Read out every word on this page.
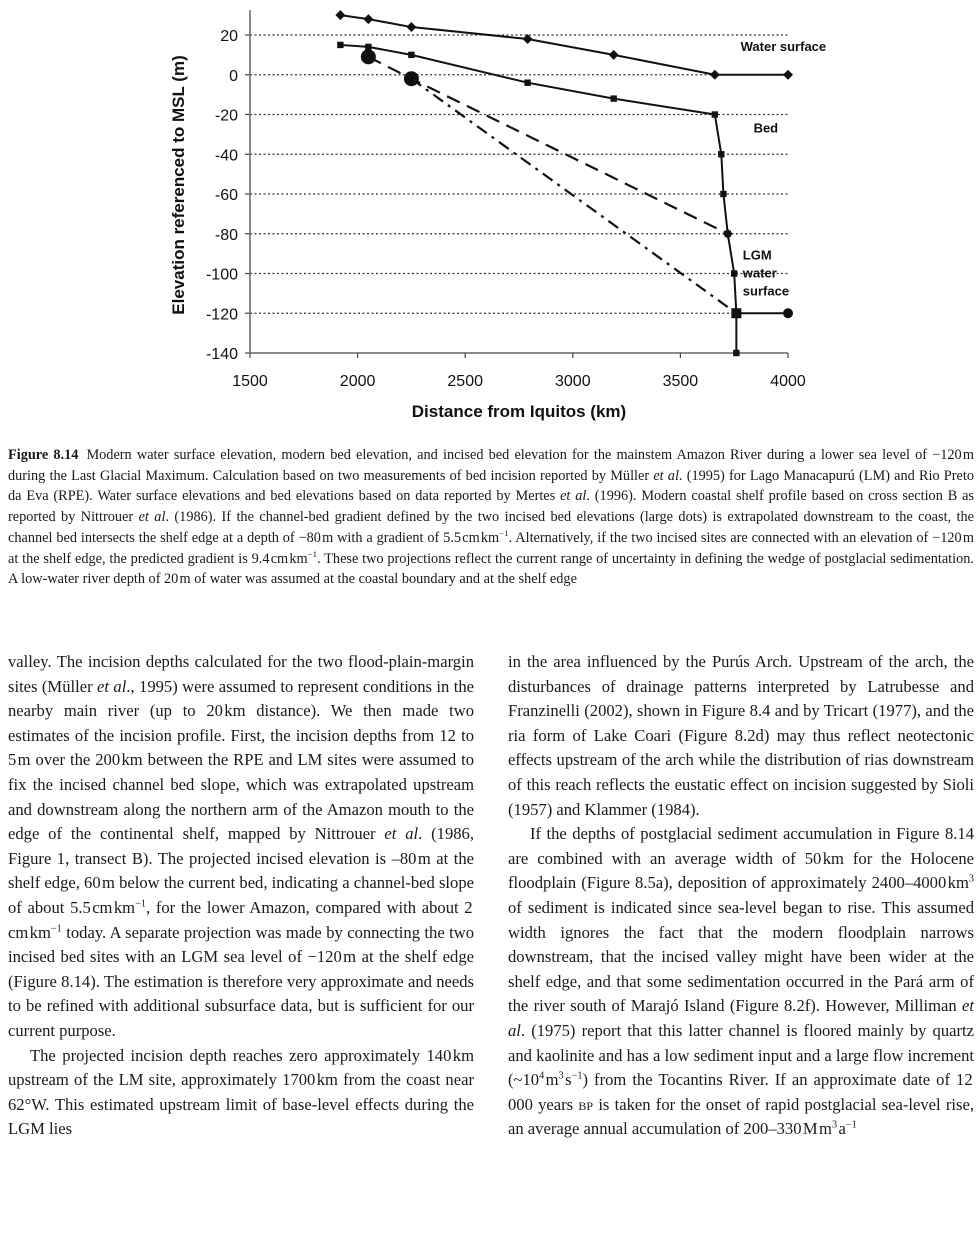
20
0
-20
-40
-60
-80
-100
-120
-140
1500	2000	2500	3000	3500	4000
Water surface
Bed
LGM
water
surface
Distance from Iquitos (km)
Elevation referenced to MSL (m)
Figure 8.14 Modern water surface elevation, modern bed elevation, and incised bed elevation for the mainstem Amazon River during a lower sea level of −120 m during the Last Glacial Maximum. Calculation based on two measurements of bed incision reported by Müller et al. (1995) for Lago Manacapurú (LM) and Rio Preto da Eva (RPE). Water surface elevations and bed elevations based on data reported by Mertes et al. (1996). Modern coastal shelf profile based on cross section B as reported by Nittrouer et al. (1986). If the channel-bed gradient defined by the two incised bed elevations (large dots) is extrapolated downstream to the coast, the channel bed intersects the shelf edge at a depth of −80 m with a gradient of 5.5 cm $km^{-1}$. Alternatively, if the two incised sites are connected with an elevation of −120 m at the shelf edge, the predicted gradient is 9.4 cm $km^{-1}$. These two projections reflect the current range of uncertainty in defining the wedge of postglacial sedimentation. A low-water river depth of 20 m of water was assumed at the coastal boundary and at the shelf edge

valley. The incision depths calculated for the two flood-plain-margin sites (Müller et al., 1995) were assumed to represent conditions in the nearby main river (up to 20 km distance). We then made two estimates of the incision profile. First, the incision depths from 12 to 5 m over the 200 km between the RPE and LM sites were assumed to fix the incised channel bed slope, which was extrapolated upstream and downstream along the northern arm of the Amazon mouth to the edge of the continental shelf, mapped by Nittrouer et al. (1986, Figure 1, transect B). The projected incised elevation is –80 m at the shelf edge, 60 m below the current bed, indicating a channel-bed slope of about 5.5 cm $km^{-1}$, for the lower Amazon, compared with about 2 cm $km^{-1}$ today. A separate projection was made by connecting the two incised bed sites with an LGM sea level of −120 m at the shelf edge (Figure 8.14). The estimation is therefore very approximate and needs to be refined with additional subsurface data, but is sufficient for our current purpose.

The projected incision depth reaches zero approximately 140 km upstream of the LM site, approximately 1700 km from the coast near 62°W. This estimated upstream limit of base-level effects during the LGM lies

in the area influenced by the Purús Arch. Upstream of the arch, the disturbances of drainage patterns interpreted by Latrubesse and Franzinelli (2002), shown in Figure 8.4 and by Tricart (1977), and the ria form of Lake Coari (Figure 8.2d) may thus reflect neotectonic effects upstream of the arch while the distribution of rias downstream of this reach reflects the eustatic effect on incision suggested by Sioli (1957) and Klammer (1984).

If the depths of postglacial sediment accumulation in Figure 8.14 are combined with an average width of 50 km for the Holocene floodplain (Figure 8.5a), deposition of approximately 2400–4000 $km^3$ of sediment is indicated since sea-level began to rise. This assumed width ignores the fact that the modern floodplain narrows downstream, that the incised valley might have been wider at the shelf edge, and that some sedimentation occurred in the Pará arm of the river south of Marajó Island (Figure 8.2f). However, Milliman et al. (1975) report that this latter channel is floored mainly by quartz and kaolinite and has a low sediment input and a large flow increment ($\sim 10^4$ $m^3$ $s^{-1}$) from the Tocantins River. If an approximate date of 12 000 years bp is taken for the onset of rapid postglacial sea-level rise, an average annual accumulation of 200–330 M $m^3$ $a^{-1}$
